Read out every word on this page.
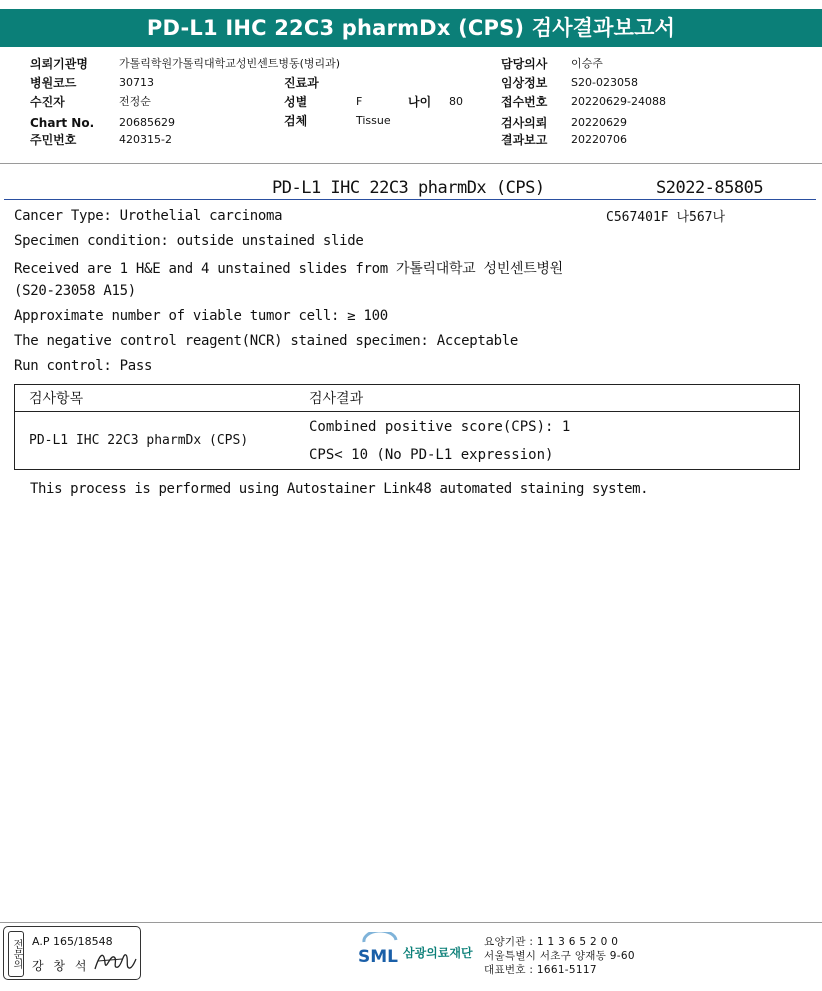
PD-L1 IHC 22C3 pharmDx (CPS) 검사결과보고서
의뢰기관명	가톨릭학원가톨릭대학교성빈센트병동(병리과)
병원코드	30713
수진자	전정순
Chart No. 20685629
주민번호	420315-2
진료과
성별	F	나이 80
검체	Tissue
담당의사 이승주
임상정보 S20-023058
접수번호 20220629-24088
검사의뢰 20220629
결과보고 20220706
PD-L1 IHC 22C3 pharmDx (CPS)	S2022-85805
C567401F 나567나
Cancer Type: Urothelial carcinoma
Specimen condition: outside unstained slide
Received are 1 H&E and 4 unstained slides from 가톨릭대학교 성빈센트병원
(S20-23058 A15)
Approximate number of viable tumor cell: ≥ 100
The negative control reagent(NCR) stained specimen: Acceptable
Run control: Pass
검사항목	검사결과
PD-L1 IHC 22C3 pharmDx (CPS)	Combined positive score(CPS): 1
CPS< 10 (No PD-L1 expression)
This process is performed using Autostainer Link48 automated staining system.
전문의 A.P 165/18548
강 창 석	SML 삼광의료재단
요양기관 : 1 1 3 6 5 2 0 0
서울특별시 서초구 양재동 9-60
대표번호 : 1661-5117
